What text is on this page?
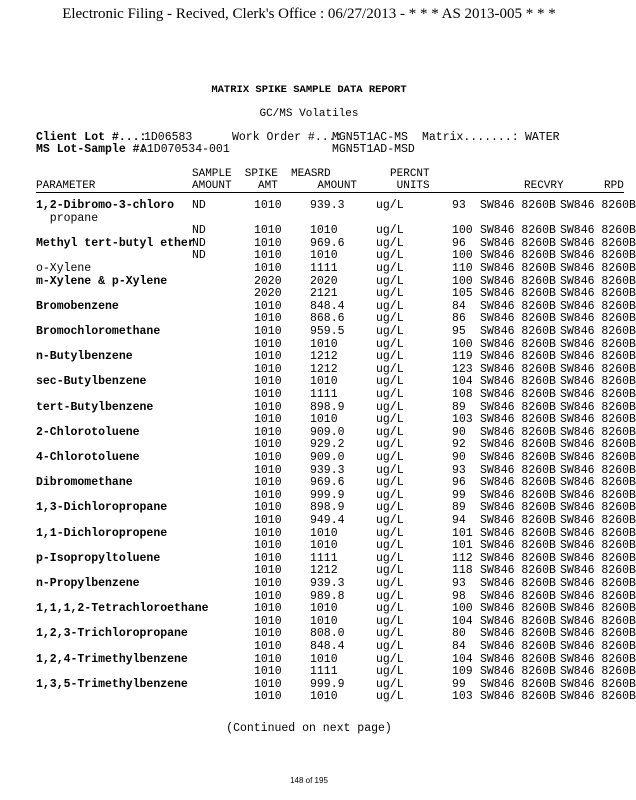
Electronic Filing - Recived, Clerk's Office : 06/27/2013 - * * * AS 2013-005 * * *
MATRIX SPIKE SAMPLE DATA REPORT
GC/MS Volatiles
Client Lot #...:
1D06583	Work Order #...:
MGN5T1AC-MS Matrix.......: WATER
MS Lot-Sample #:
A1D070534-001	MGN5T1AD-MSD
SAMPLE  SPIKE  MEASRD         PERCNT
PARAMETER	AMOUNT    AMT      AMOUNT      UNITS	RECVRY	RPD
1,2-Dibromo-3-chloro ND	1010 939.3	ug/L	93 SW846 8260B SW846 8260B
propane
ND	1010 1010	ug/L	100 SW846 8260B SW846 8260B
Methyl tert-butyl ether
ND	1010 969.6	ug/L	96 SW846 8260B SW846 8260B
ND	1010 1010	ug/L	100 SW846 8260B SW846 8260B
o-Xylene	1010 1111	ug/L	110 SW846 8260B SW846 8260B
m-Xylene & p-Xylene	2020 2020	ug/L	100 SW846 8260B SW846 8260B
2020 2121	ug/L	105 SW846 8260B SW846 8260B
Bromobenzene	1010 848.4	ug/L	84 SW846 8260B SW846 8260B
1010 868.6	ug/L	86 SW846 8260B SW846 8260B
Bromochloromethane	1010 959.5	ug/L	95 SW846 8260B SW846 8260B
1010 1010	ug/L	100 SW846 8260B SW846 8260B
n-Butylbenzene	1010 1212	ug/L	119 SW846 8260B SW846 8260B
1010 1212	ug/L	123 SW846 8260B SW846 8260B
sec-Butylbenzene	1010 1010	ug/L	104 SW846 8260B SW846 8260B
1010 1111	ug/L	108 SW846 8260B SW846 8260B
tert-Butylbenzene	1010 898.9	ug/L	89 SW846 8260B SW846 8260B
1010 1010	ug/L	103 SW846 8260B SW846 8260B
2-Chlorotoluene	1010 909.0	ug/L	90 SW846 8260B SW846 8260B
1010 929.2	ug/L	92 SW846 8260B SW846 8260B
4-Chlorotoluene	1010 909.0	ug/L	90 SW846 8260B SW846 8260B
1010 939.3	ug/L	93 SW846 8260B SW846 8260B
Dibromomethane	1010 969.6	ug/L	96 SW846 8260B SW846 8260B
1010 999.9	ug/L	99 SW846 8260B SW846 8260B
1,3-Dichloropropane	1010 898.9	ug/L	89 SW846 8260B SW846 8260B
1010 949.4	ug/L	94 SW846 8260B SW846 8260B
1,1-Dichloropropene	1010 1010	ug/L	101 SW846 8260B SW846 8260B
1010 1010	ug/L	101 SW846 8260B SW846 8260B
p-Isopropyltoluene	1010 1111	ug/L	112 SW846 8260B SW846 8260B
1010 1212	ug/L	118 SW846 8260B SW846 8260B
n-Propylbenzene	1010 939.3	ug/L	93 SW846 8260B SW846 8260B
1010 989.8	ug/L	98 SW846 8260B SW846 8260B
1,1,1,2-Tetrachloroethane	1010 1010	ug/L	100 SW846 8260B SW846 8260B
1010 1010	ug/L	104 SW846 8260B SW846 8260B
1,2,3-Trichloropropane	1010 808.0	ug/L	80 SW846 8260B SW846 8260B
1010 848.4	ug/L	84 SW846 8260B SW846 8260B
1,2,4-Trimethylbenzene	1010 1010	ug/L	104 SW846 8260B SW846 8260B
1010 1111	ug/L	109 SW846 8260B SW846 8260B
1,3,5-Trimethylbenzene	1010 999.9	ug/L	99 SW846 8260B SW846 8260B
1010 1010	ug/L	103 SW846 8260B SW846 8260B
(Continued on next page)
148 of 195
